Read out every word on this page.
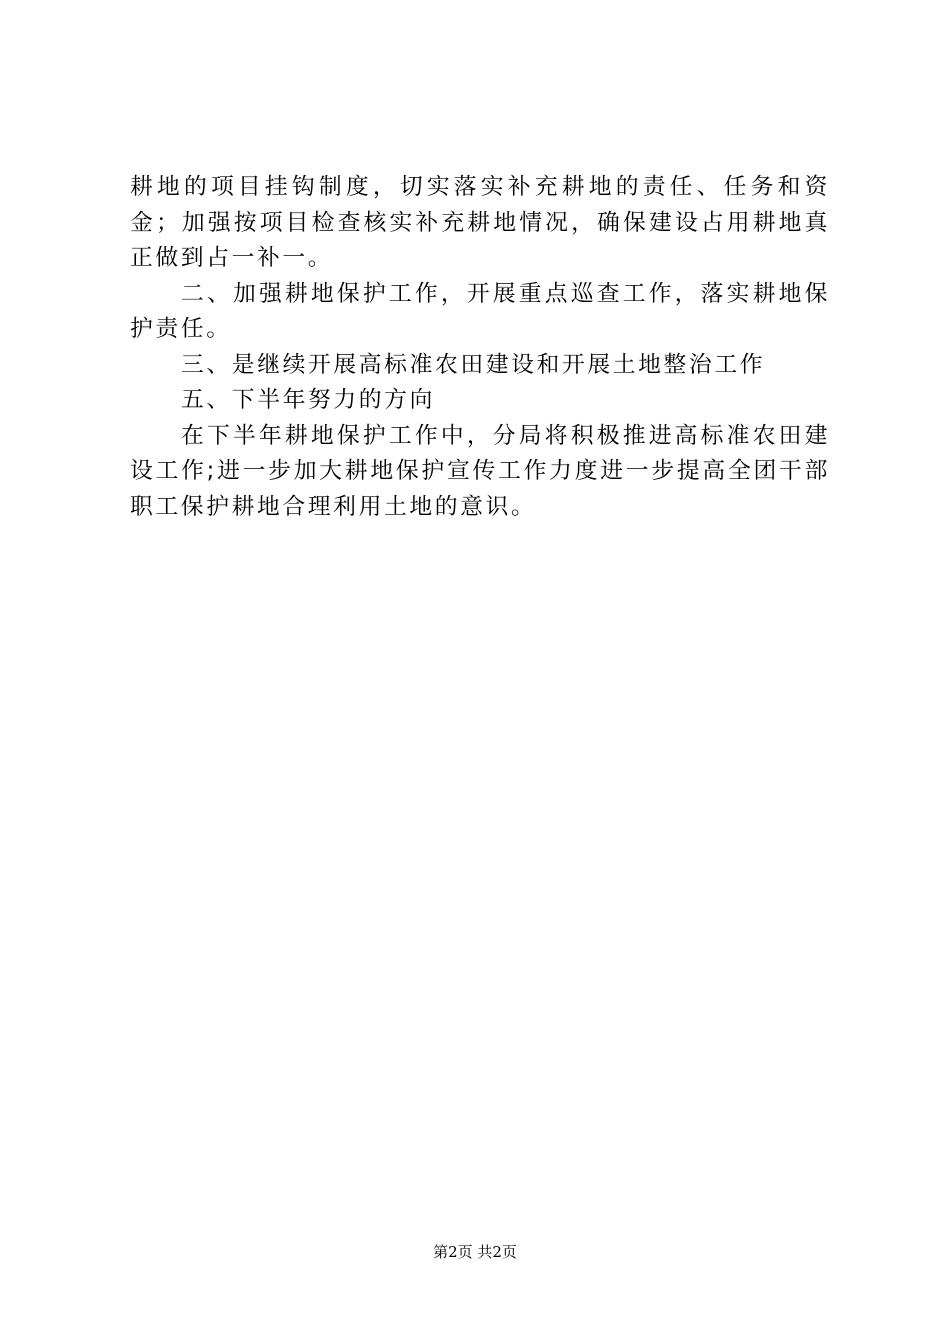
耕地的项目挂钩制度，切实落实补充耕地的责任、任务和资金；加强按项目检查核实补充耕地情况，确保建设占用耕地真正做到占一补一。

二、加强耕地保护工作，开展重点巡查工作，落实耕地保护责任。

三、是继续开展高标准农田建设和开展土地整治工作

五、下半年努力的方向

在下半年耕地保护工作中，分局将积极推进高标准农田建设工作;进一步加大耕地保护宣传工作力度进一步提高全团干部职工保护耕地合理利用土地的意识。

第2页 共2页
